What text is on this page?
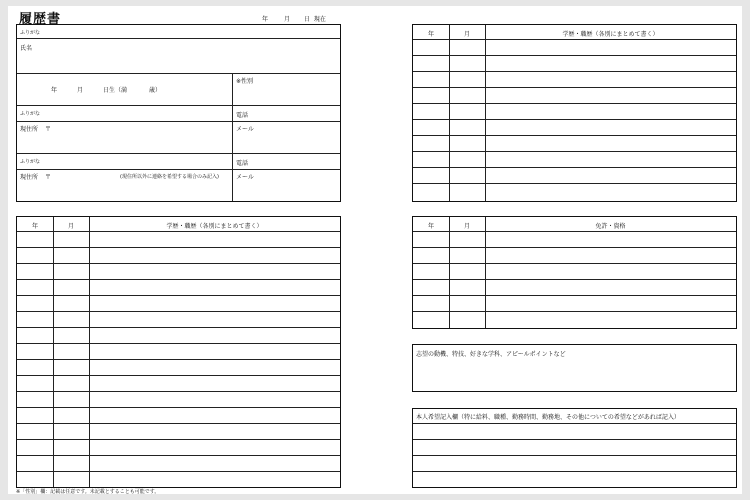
履歴書	年	月 日 現在
ふりがな
氏名
年	月	日生（満	歳）
※性別
ふりがな
現住所 〒
電話
メール
ふりがな
現住所 〒	(現住所以外に連絡を希望する場合のみ記入)
電話
メール
年	月	学歴・職歴（各別にまとめて書く）
年	月	学歴・職歴（各別にまとめて書く）
年	月	免許・資格
志望の動機、特技、好きな学科、アピールポイントなど
本人希望記入欄（特に給料、職種、勤務時間、勤務地、その他についての希望などがあれば記入）
※「性別」欄：記載は任意です。未記載とすることも可能です。
